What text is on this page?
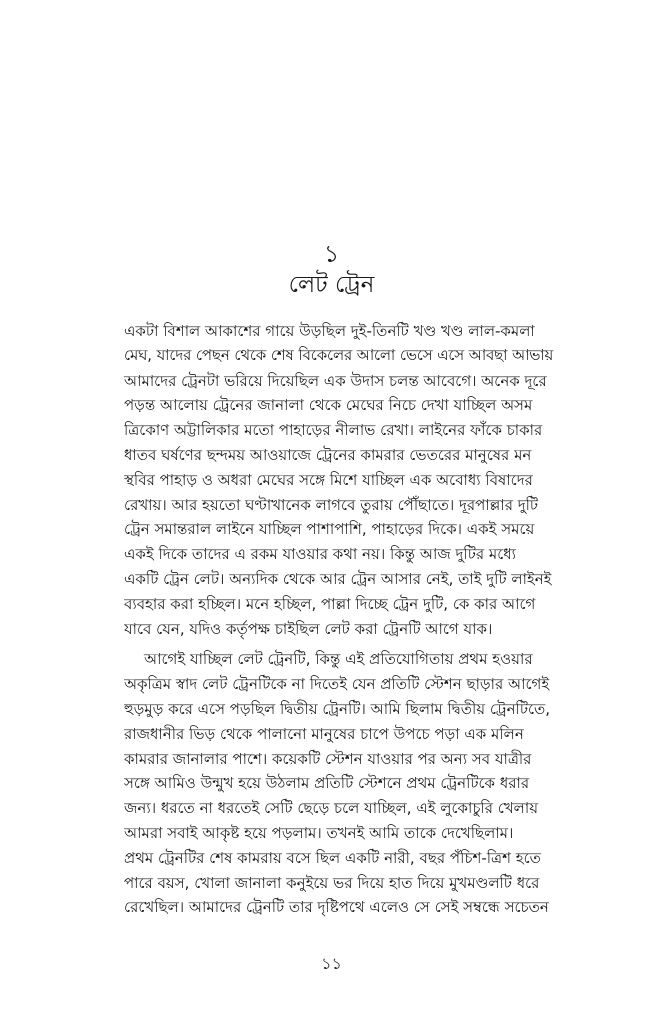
১
লেট ট্রেন
একটা বিশাল আকাশের গায়ে উড়ছিল দুই-তিনটি খণ্ড খণ্ড লাল-কমলা
মেঘ, যাদের পেছন থেকে শেষ বিকেলের আলো ভেসে এসে আবছা আভায়
আমাদের ট্রেনটা ভরিয়ে দিয়েছিল এক উদাস চলন্ত আবেগে। অনেক দূরে
পড়ন্ত আলোয় ট্রেনের জানালা থেকে মেঘের নিচে দেখা যাচ্ছিল অসম
ত্রিকোণ অট্টালিকার মতো পাহাড়ের নীলাভ রেখা। লাইনের ফাঁকে চাকার
ধাতব ঘর্ষণের ছন্দময় আওয়াজে ট্রেনের কামরার ভেতরের মানুষের মন
স্থবির পাহাড় ও অধরা মেঘের সঙ্গে মিশে যাচ্ছিল এক অবোধ্য বিষাদের
রেখায়। আর হয়তো ঘণ্টাখানেক লাগবে তুরায় পৌঁছাতে। দূরপাল্লার দুটি
ট্রেন সমান্তরাল লাইনে যাচ্ছিল পাশাপাশি, পাহাড়ের দিকে। একই সময়ে
একই দিকে তাদের এ রকম যাওয়ার কথা নয়। কিন্তু আজ দুটির মধ্যে
একটি ট্রেন লেট। অন্যদিক থেকে আর ট্রেন আসার নেই, তাই দুটি লাইনই
ব্যবহার করা হচ্ছিল। মনে হচ্ছিল, পাল্লা দিচ্ছে ট্রেন দুটি, কে কার আগে
যাবে যেন, যদিও কর্তৃপক্ষ চাইছিল লেট করা ট্রেনটি আগে যাক।
আগেই যাচ্ছিল লেট ট্রেনটি, কিন্তু এই প্রতিযোগিতায় প্রথম হওয়ার
অকৃত্রিম স্বাদ লেট ট্রেনটিকে না দিতেই যেন প্রতিটি স্টেশন ছাড়ার আগেই
হুড়মুড় করে এসে পড়ছিল দ্বিতীয় ট্রেনটি। আমি ছিলাম দ্বিতীয় ট্রেনটিতে,
রাজধানীর ভিড় থেকে পালানো মানুষের চাপে উপচে পড়া এক মলিন
কামরার জানালার পাশে। কয়েকটি স্টেশন যাওয়ার পর অন্য সব যাত্রীর
সঙ্গে আমিও উন্মুখ হয়ে উঠলাম প্রতিটি স্টেশনে প্রথম ট্রেনটিকে ধরার
জন্য। ধরতে না ধরতেই সেটি ছেড়ে চলে যাচ্ছিল, এই লুকোচুরি খেলায়
আমরা সবাই আকৃষ্ট হয়ে পড়লাম। তখনই আমি তাকে দেখেছিলাম।
প্রথম ট্রেনটির শেষ কামরায় বসে ছিল একটি নারী, বছর পঁচিশ-ত্রিশ হতে
পারে বয়স, খোলা জানালা কনুইয়ে ভর দিয়ে হাত দিয়ে মুখমণ্ডলটি ধরে
রেখেছিল। আমাদের ট্রেনটি তার দৃষ্টিপথে এলেও সে সেই সম্বন্ধে সচেতন
১১
